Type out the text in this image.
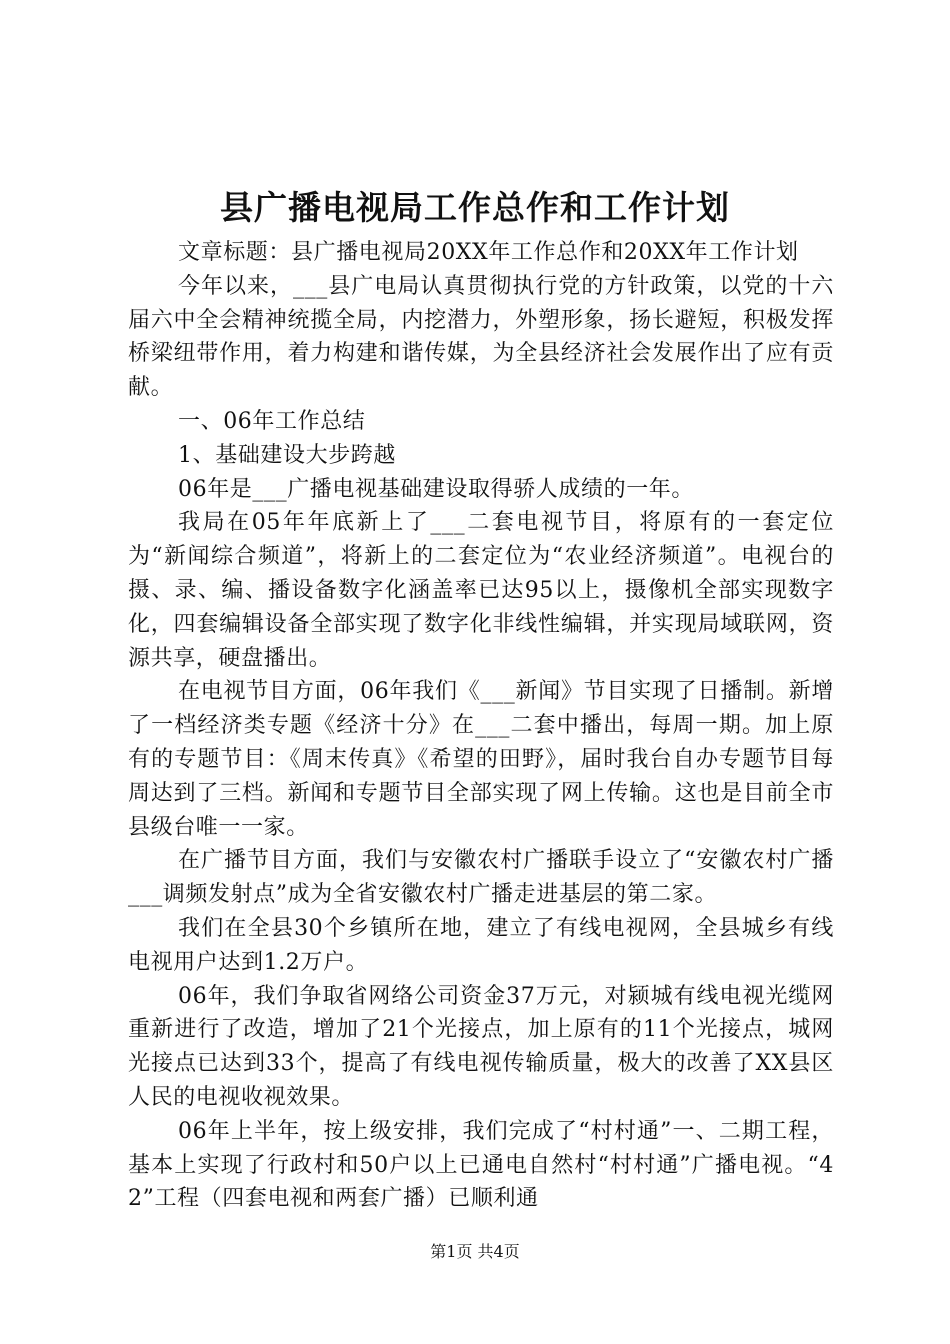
县广播电视局工作总作和工作计划

文章标题：县广播电视局20XX年工作总作和20XX年工作计划

今年以来，___县广电局认真贯彻执行党的方针政策，以党的十六届六中全会精神统揽全局，内挖潜力，外塑形象，扬长避短，积极发挥桥梁纽带作用，着力构建和谐传媒，为全县经济社会发展作出了应有贡献。

一、06年工作总结

1、基础建设大步跨越

06年是___广播电视基础建设取得骄人成绩的一年。

我局在05年年底新上了___二套电视节目，将原有的一套定位为“新闻综合频道”，将新上的二套定位为“农业经济频道”。电视台的摄、录、编、播设备数字化涵盖率已达95以上，摄像机全部实现数字化，四套编辑设备全部实现了数字化非线性编辑，并实现局域联网，资源共享，硬盘播出。

在电视节目方面，06年我们《___新闻》节目实现了日播制。新增了一档经济类专题《经济十分》在___二套中播出，每周一期。加上原有的专题节目：《周末传真》《希望的田野》，届时我台自办专题节目每周达到了三档。新闻和专题节目全部实现了网上传输。这也是目前全市县级台唯一一家。

在广播节目方面，我们与安徽农村广播联手设立了“安徽农村广播___调频发射点”成为全省安徽农村广播走进基层的第二家。

我们在全县30个乡镇所在地，建立了有线电视网，全县城乡有线电视用户达到1.2万户。

06年，我们争取省网络公司资金37万元，对颍城有线电视光缆网重新进行了改造，增加了21个光接点，加上原有的11个光接点，城网光接点已达到33个，提高了有线电视传输质量，极大的改善了XX县区人民的电视收视效果。

06年上半年，按上级安排，我们完成了“村村通”一、二期工程，基本上实现了行政村和50户以上已通电自然村“村村通”广播电视。“42”工程（四套电视和两套广播）已顺利通

第1页 共4页
